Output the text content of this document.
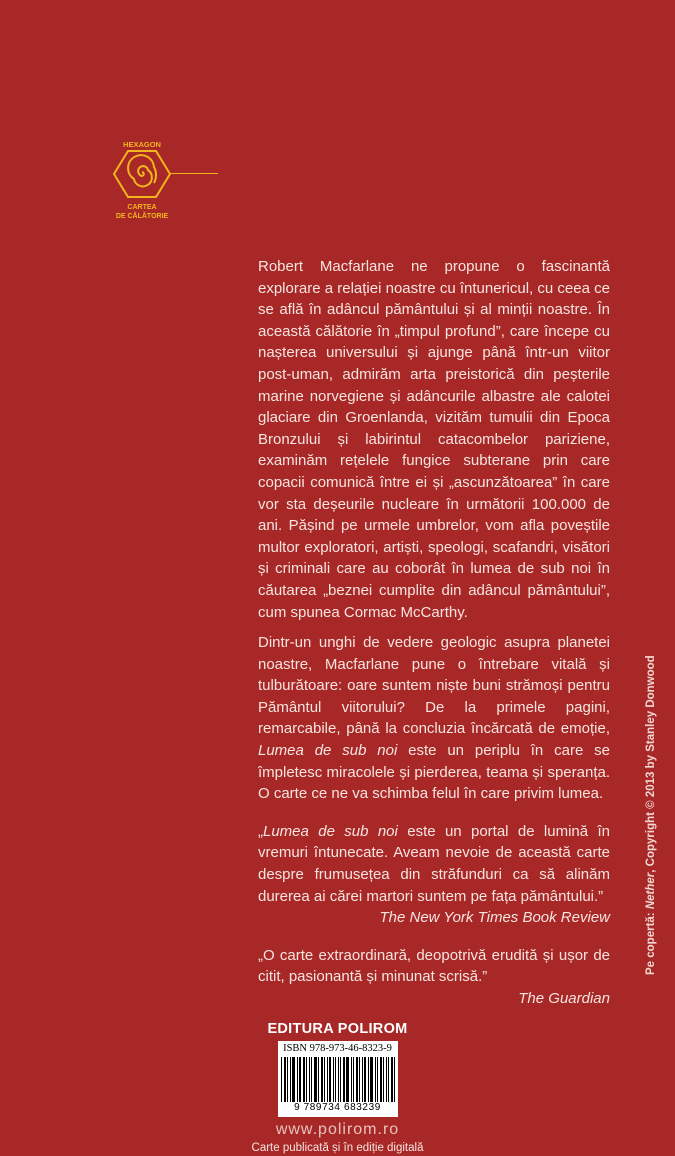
HEXAGON
CARTEA
DE CĂLĂTORIE
Robert Macfarlane ne propune o fascinantă explorare a relației noastre cu întunericul, cu ceea ce se află în adâncul pământului și al minții noastre. În această călătorie în „timpul profund”, care începe cu nașterea universului și ajunge până într-un viitor post-uman, admirăm arta preistorică din peșterile marine norvegiene și adâncurile albastre ale calotei glaciare din Groenlanda, vizităm tumulii din Epoca Bronzului și labirintul catacombelor pariziene, examinăm rețelele fungice subterane prin care copacii comunică între ei și „ascunzătoarea” în care vor sta deșeurile nucleare în următorii 100.000 de ani. Pășind pe urmele umbrelor, vom afla poveștile multor exploratori, artiști, speologi, scafandri, visători și criminali care au coborât în lumea de sub noi în căutarea „beznei cumplite din adâncul pământului”, cum spunea Cormac McCarthy.
Dintr-un unghi de vedere geologic asupra planetei noastre, Macfarlane pune o întrebare vitală și tulburătoare: oare suntem niște buni strămoși pentru Pământul viitorului? De la primele pagini, remarcabile, până la concluzia încărcată de emoție, Lumea de sub noi este un periplu în care se împletesc miracolele și pierderea, teama și speranța. O carte ce ne va schimba felul în care privim lumea.
„Lumea de sub noi este un portal de lumină în vremuri întunecate. Aveam nevoie de această carte despre frumusețea din străfunduri ca să alinăm durerea ai cărei martori suntem pe fața pământului.”
The New York Times Book Review
„O carte extraordinară, deopotrivă erudită și ușor de citit, pasionantă și minunat scrisă.”
The Guardian
EDITURA POLIROM
ISBN 978-973-46-8323-9
9 789734 683239
www.polirom.ro
Carte publicată și în ediție digitală
Pe copertă: Nether, Copyright © 2013 by Stanley Donwood
